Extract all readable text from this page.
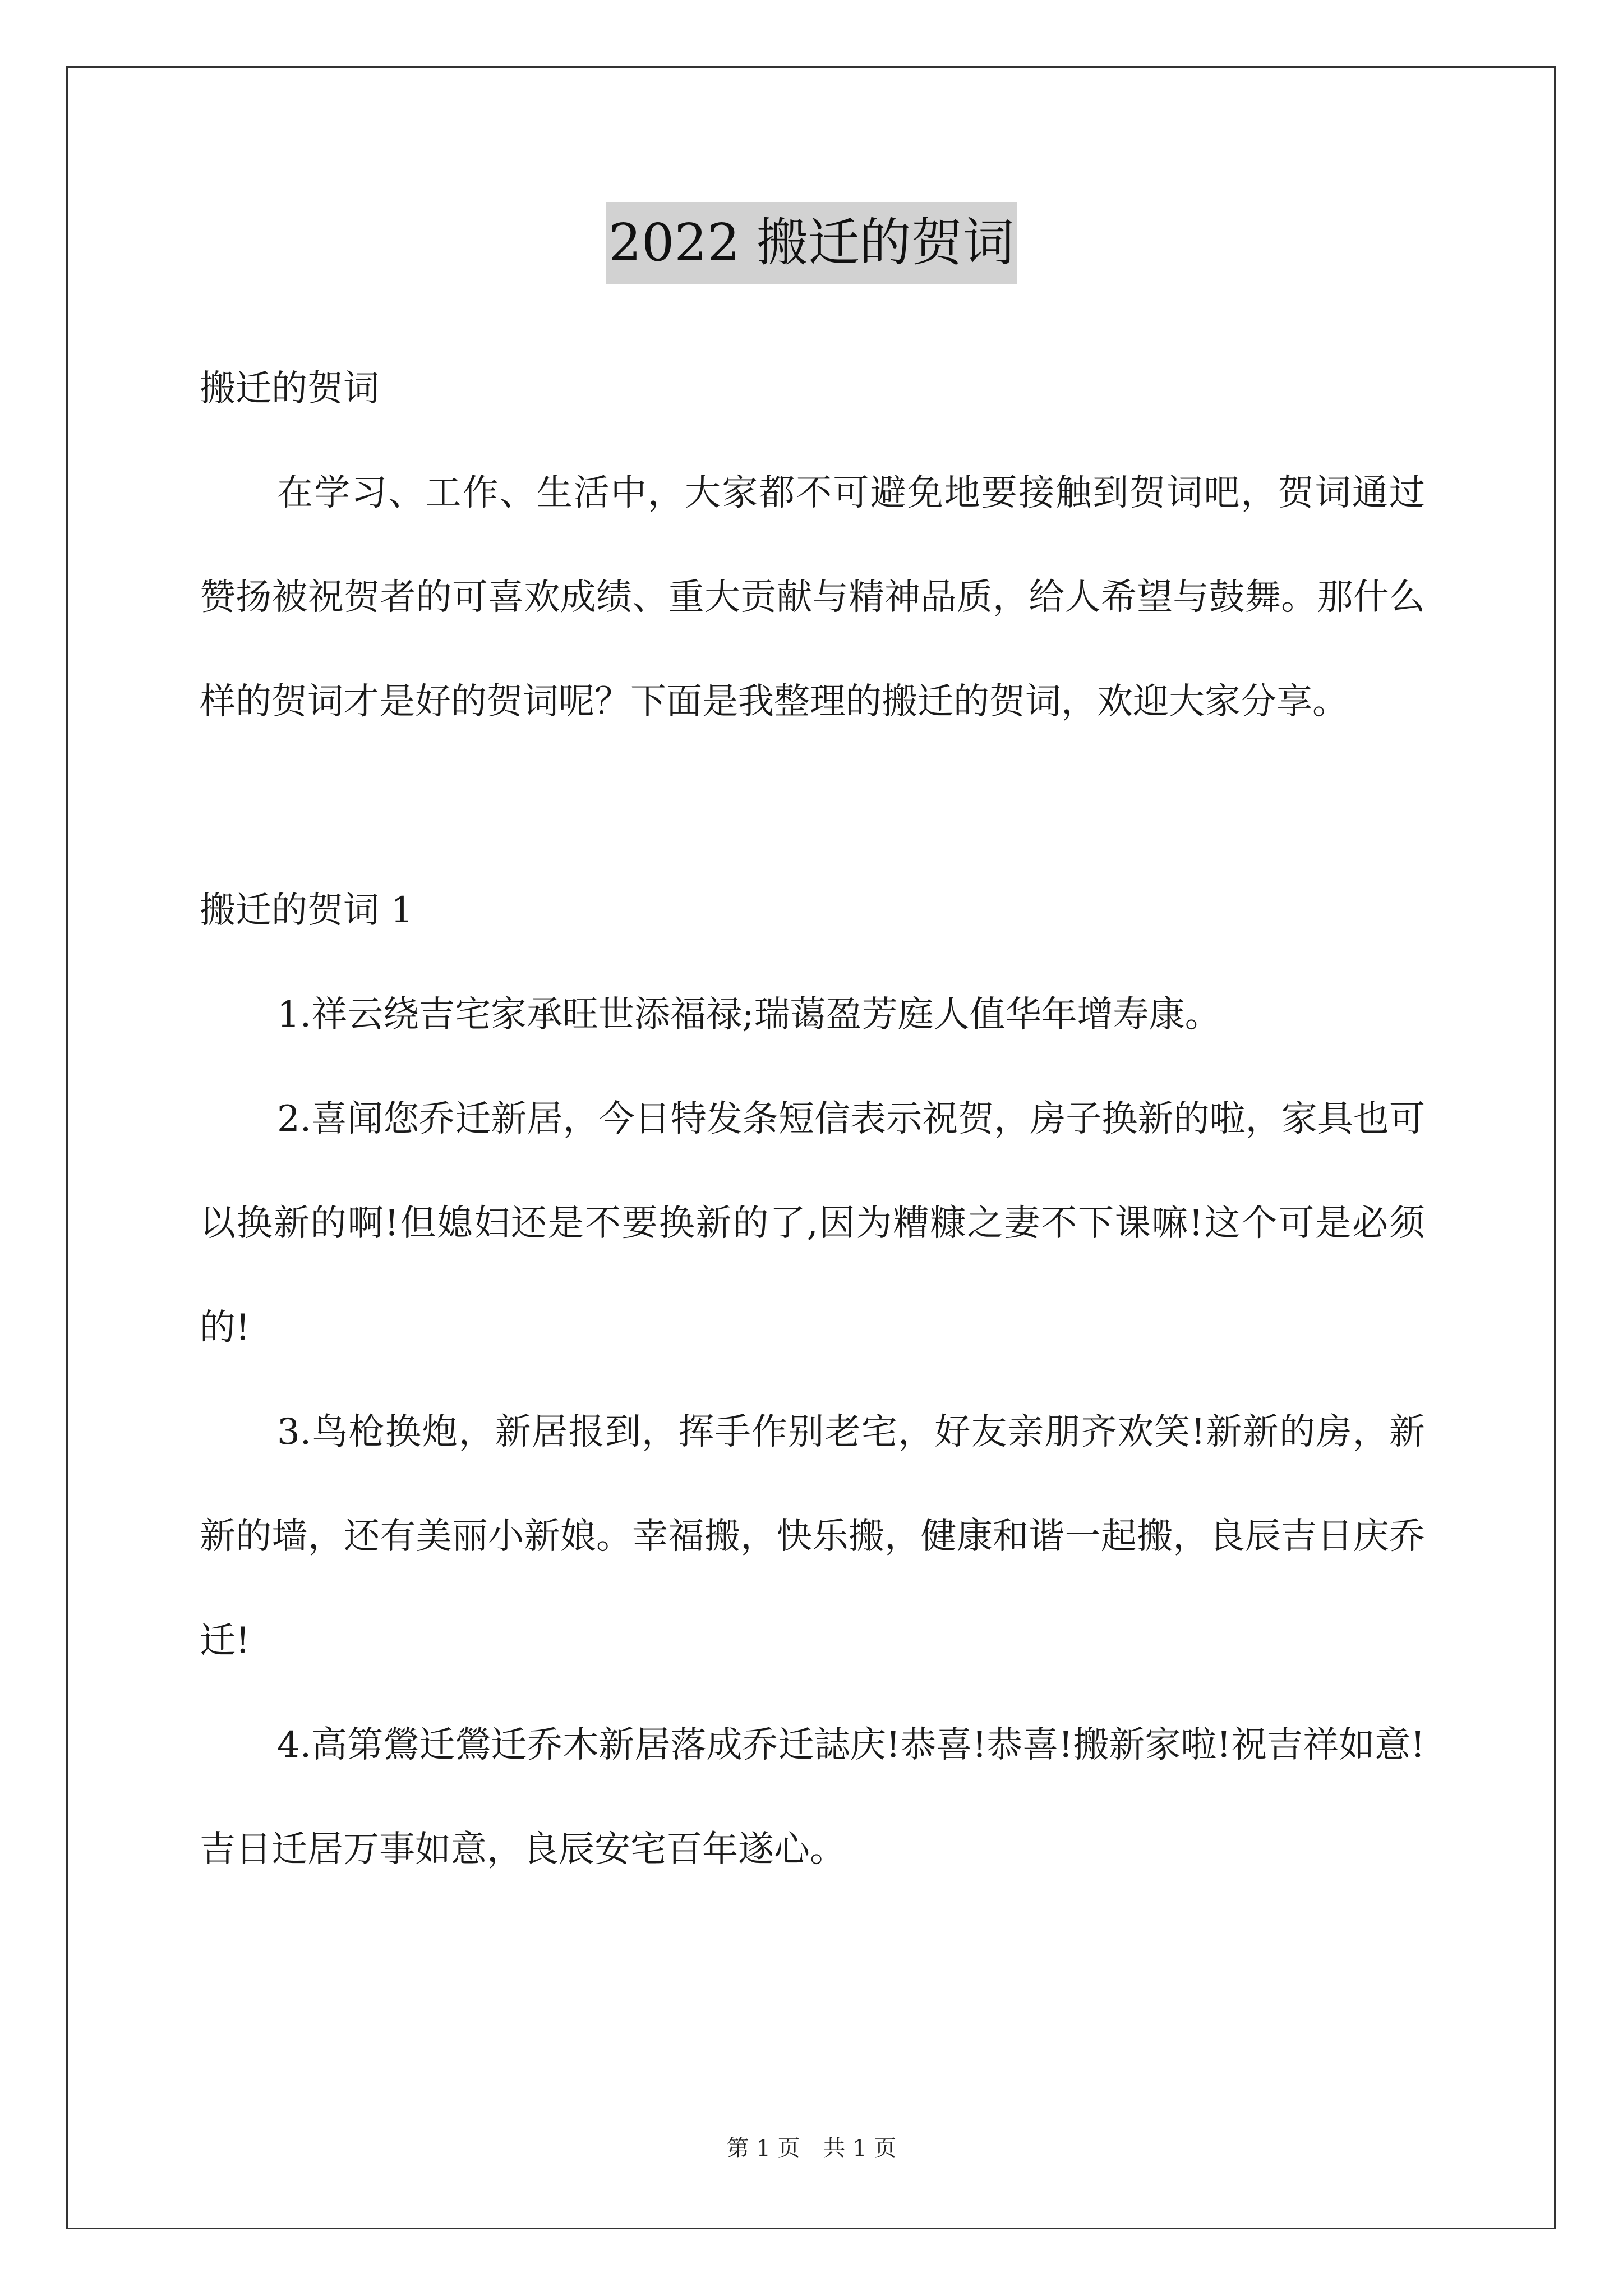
2022 搬迁的贺词

搬迁的贺词

在学习、工作、生活中，大家都不可避免地要接触到贺词吧，贺词通过赞扬被祝贺者的可喜欢成绩、重大贡献与精神品质，给人希望与鼓舞。那什么样的贺词才是好的贺词呢？下面是我整理的搬迁的贺词，欢迎大家分享。

搬迁的贺词 1

1.祥云绕吉宅家承旺世添福禄;瑞蔼盈芳庭人值华年增寿康。

2.喜闻您乔迁新居，今日特发条短信表示祝贺，房子换新的啦，家具也可以换新的啊!但媳妇还是不要换新的了,因为糟糠之妻不下课嘛!这个可是必须的!

3.鸟枪换炮，新居报到，挥手作别老宅，好友亲朋齐欢笑!新新的房，新新的墙，还有美丽小新娘。幸福搬，快乐搬，健康和谐一起搬，良辰吉日庆乔迁!

4.高第鶯迁鶯迁乔木新居落成乔迁誌庆!恭喜!恭喜!搬新家啦!祝吉祥如意!吉日迁居万事如意，良辰安宅百年遂心。

第 1 页 共 1 页
